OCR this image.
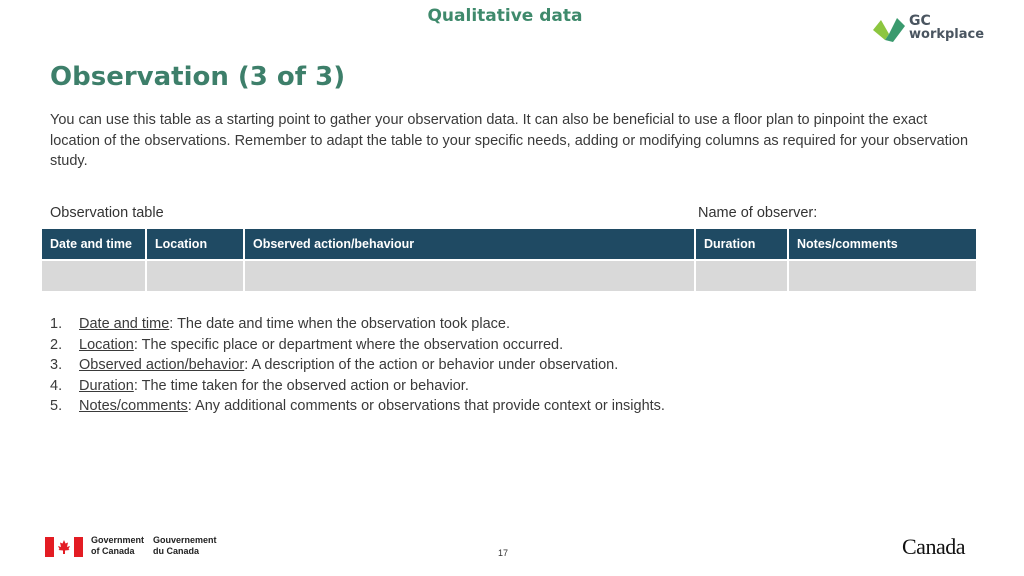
Qualitative data	GC
workplace
Observation (3 of 3)

You can use this table as a starting point to gather your observation data. It can also be beneficial to use a floor plan to pinpoint the exact location of the observations. Remember to adapt the table to your specific needs, adding or modifying columns as required for your observation study.

Observation table	Name of observer:
Date and time	Location	Observed action/behaviour	Duration	Notes/comments

1. Date and time: The date and time when the observation took place.
2. Location: The specific place or department where the observation occurred.
3. Observed action/behavior: A description of the action or behavior under observation.
4. Duration: The time taken for the observed action or behavior.
5. Notes/comments: Any additional comments or observations that provide context or insights.
Government
of Canada
Gouvernement
du Canada	17	Canada
